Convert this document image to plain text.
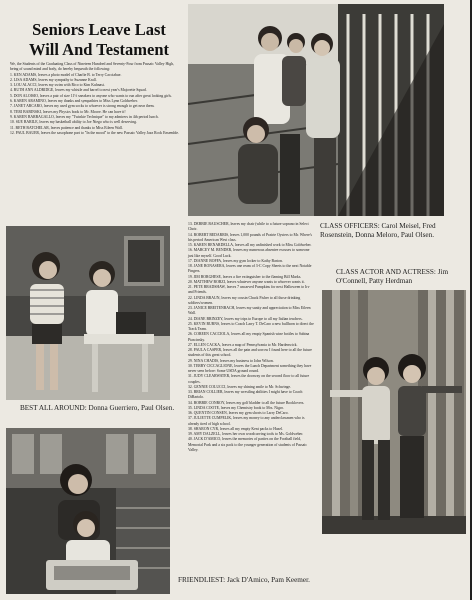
Seniors Leave Last
Will And Testament

We, the Students of the Graduating Class of Nineteen Hundred and Seventy-Four from Passaic Valley High, being of sound mind and body, do hereby bequeath the following:

1. KEN ADAMS, leaves a photo model of Charlie B. to Terry Cacciabue.

2. LISA ADAMS, leaves my sympathy to Suzanne Krall.

3. LOU ALACCI, leaves my swim with Rico to Kim Kuhnast.

4. RUTH ANN ALDRIDGE, leaves my whistle and barrel to next year's Majorette Squad.

5. DON ALOISIO, leaves a pair of size 11½ sneakers to anyone who wants to run after great looking girls.

6. KAREN ARAMINO, leaves my thanks and sympathies to Miss Lynn Goldweber.

7. JANET ARCARO, leaves my used gym socks to whoever is strong enough to get near them.

8. TERI BABINSKI, leaves my Physics book to Mr. Moore. He can have it!

9. KAREN BARBAGALLO, leaves my "Twinkie Technique" to my admirers in 4th period lunch.

10. SUE BARILE, leaves my basketball ability to Joe Niego who is well deserving.

11. BETH BATCHELAR, leaves patience and thanks to Miss Eileen Wall.

12. PAUL BAUER, leaves the saxophone part to "In the mood" to the new Passaic Valley Jazz Rock Ensemble.

CLASS OFFICERS: Carol Meisel, Fred Rosenstein, Donna Meloro, Paul Olsen.

13. DEBBIE BAUSCHER, leaves my chair (while to a future soprano in Select Choir.

14. ROBERT BEDARRIS, leaves 1,000 pounds of Prairie Oysters to Mr. Where's his period American West class.

15. KAREN BENARDELLA, leaves all my unfinished work to Miss Goldweber.

16. MARCEY M. BENDER, leaves my numerous absentee excuses to someone just like myself. Good Luck.

17. DIANNE BOFFA, leaves my gym locker to Kathy Barton.

18. JANE BONASERA, leaves one ream of 3-C Copy Sheets to the next Notable Fingers.

19. JIM BORGHESE, leaves a fire extinguisher to the flaming Bill Marks.

20. MATTHEW BORZI, leaves whatever anyone wants to whoever wants it.

21. PETE BRADSHAW, leaves 7 uncarved Pumpkins for next Halloween to Irv and Friends.

22. LINDA BRAUN, leaves my cousin Chuck Fisher to all those drinking soldiers/women.

23. JANICE BREITENBACH, leaves my sanity and appreciation to Miss Eileen Wall.

24. DIANE BRINZEY, leaves my trips to Europe to all my Italian teachers.

25. KEVIN BURNS, leaves to Coach Larry T. DeCaro a new bullhorn to direct the Track Team.

26. COREEN CACCIOLA, leaves all my empty Spanish wine bottles to Sabina Piascinsky.

27. ELLEN CACKA, leaves a map of Pennsylvania to Mr. Hardenwick.

28. PAULA CASPER, leaves all the pain and sorrow I found here to all the future students of this great school.

29. NINA CHADIS, leaves my business to John Wilson.

30. TERRY CICCAGLIONE, leaves the Lunch Department something they have never seen before: Some USDA ground round.

31. JUDY CLEARWATER, leaves the doorway on the second floor to all future couples.

32. GENNIE COLUCCI, leaves my shining smile to Mr. Schwinge.

33. BRIAN COLLIER, leaves my wrestling abilities I might have to Coach DiBartolo.

34. BOBBIE CONROY, leaves my golf bladder to all the future Booklovers.

35. LINDA COOTE, leaves my Chemistry book to Mrs. Nigro.

36. QUENTIN CONSEN, leaves my gym shorts to Larry DeCaro.

37. JULIETTE CUMPELIK, leaves my money to any underclassmen who is already tired of high school.

38. SHARON CYR, leaves all my empty Kent packs to Hazel.

39. AMY DALZELL, leaves her own woodcarving tools to Ms. Goldweber.

40. JACK D'AMICO, leaves the memories of parties on the Football field, Memorial Park and a six pack to the younger generation of students of Passaic Valley.

BEST ALL AROUND: Donna Guerriero, Paul Olsen.
FRIENDLIEST: Jack D'Amico, Pam Keemer.
CLASS ACTOR AND ACTRESS: Jim O'Connell, Patty Herdman
